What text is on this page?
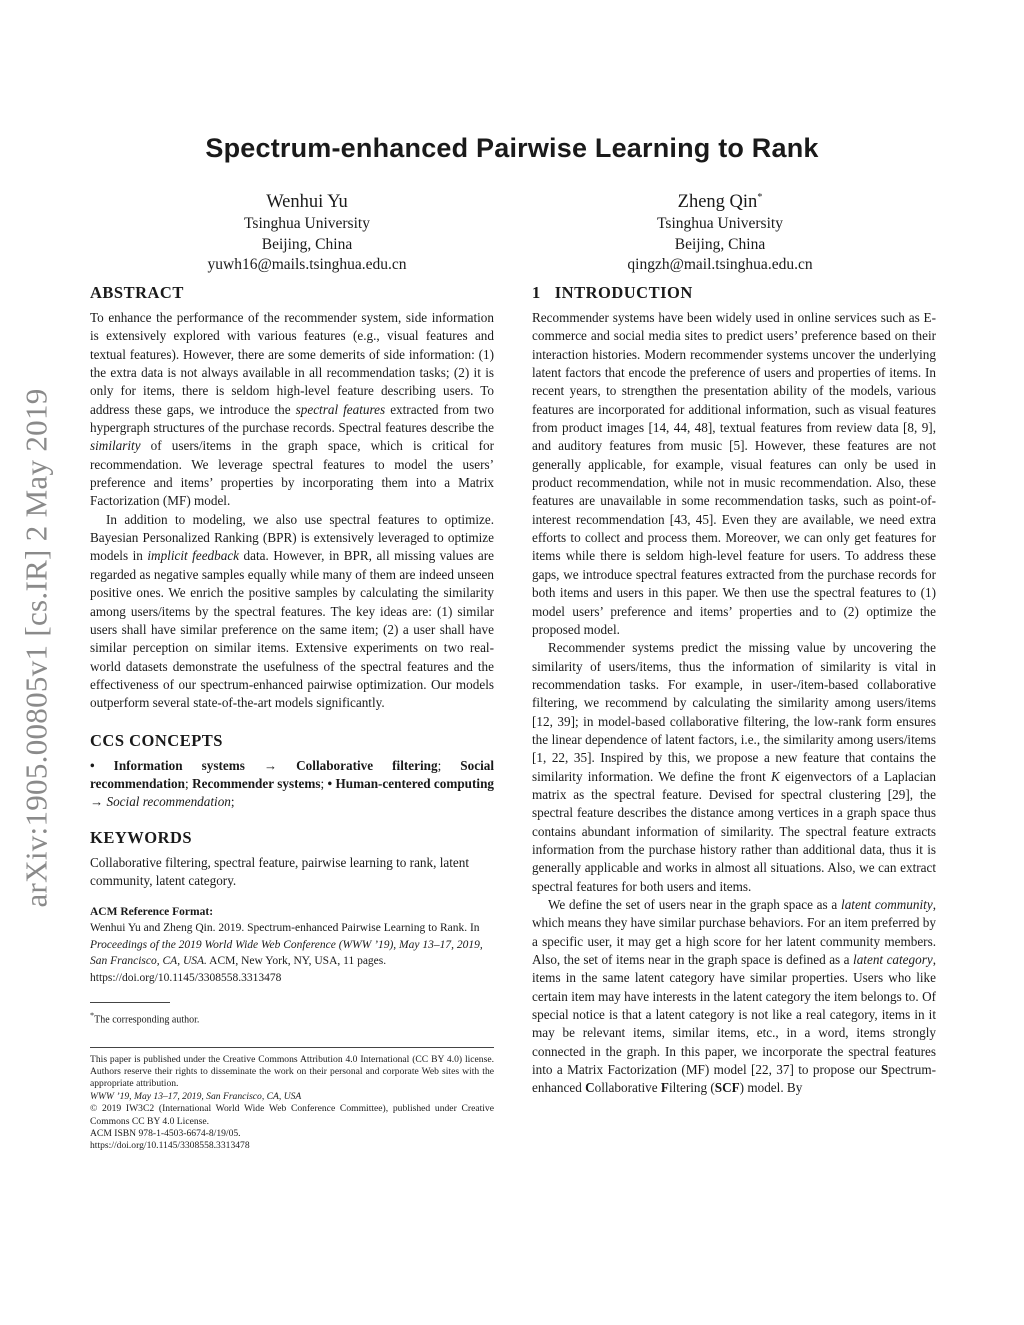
arXiv:1905.00805v1 [cs.IR] 2 May 2019
Spectrum-enhanced Pairwise Learning to Rank
Wenhui Yu
Tsinghua University
Beijing, China
yuwh16@mails.tsinghua.edu.cn
Zheng Qin*
Tsinghua University
Beijing, China
qingzh@mail.tsinghua.edu.cn
ABSTRACT

To enhance the performance of the recommender system, side information is extensively explored with various features (e.g., visual features and textual features). However, there are some demerits of side information: (1) the extra data is not always available in all recommendation tasks; (2) it is only for items, there is seldom high-level feature describing users. To address these gaps, we introduce the spectral features extracted from two hypergraph structures of the purchase records. Spectral features describe the similarity of users/items in the graph space, which is critical for recommendation. We leverage spectral features to model the users’ preference and items’ properties by incorporating them into a Matrix Factorization (MF) model.

In addition to modeling, we also use spectral features to optimize. Bayesian Personalized Ranking (BPR) is extensively leveraged to optimize models in implicit feedback data. However, in BPR, all missing values are regarded as negative samples equally while many of them are indeed unseen positive ones. We enrich the positive samples by calculating the similarity among users/items by the spectral features. The key ideas are: (1) similar users shall have similar preference on the same item; (2) a user shall have similar perception on similar items. Extensive experiments on two real-world datasets demonstrate the usefulness of the spectral features and the effectiveness of our spectrum-enhanced pairwise optimization. Our models outperform several state-of-the-art models significantly.

CCS CONCEPTS
• Information systems → Collaborative filtering; Social recommendation; Recommender systems; • Human-centered computing → Social recommendation;
KEYWORDS

Collaborative filtering, spectral feature, pairwise learning to rank, latent community, latent category.

ACM Reference Format:
Wenhui Yu and Zheng Qin. 2019. Spectrum-enhanced Pairwise Learning to Rank. In Proceedings of the 2019 World Wide Web Conference (WWW ’19), May 13–17, 2019, San Francisco, CA, USA. ACM, New York, NY, USA, 11 pages. https://doi.org/10.1145/3308558.3313478
*The corresponding author.
This paper is published under the Creative Commons Attribution 4.0 International (CC BY 4.0) license. Authors reserve their rights to disseminate the work on their personal and corporate Web sites with the appropriate attribution.
WWW ’19, May 13–17, 2019, San Francisco, CA, USA
© 2019 IW3C2 (International World Wide Web Conference Committee), published under Creative Commons CC BY 4.0 License.
ACM ISBN 978-1-4503-6674-8/19/05.
https://doi.org/10.1145/3308558.3313478
1 INTRODUCTION

Recommender systems have been widely used in online services such as E-commerce and social media sites to predict users’ preference based on their interaction histories. Modern recommender systems uncover the underlying latent factors that encode the preference of users and properties of items. In recent years, to strengthen the presentation ability of the models, various features are incorporated for additional information, such as visual features from product images [14, 44, 48], textual features from review data [8, 9], and auditory features from music [5]. However, these features are not generally applicable, for example, visual features can only be used in product recommendation, while not in music recommendation. Also, these features are unavailable in some recommendation tasks, such as point-of-interest recommendation [43, 45]. Even they are available, we need extra efforts to collect and process them. Moreover, we can only get features for items while there is seldom high-level feature for users. To address these gaps, we introduce spectral features extracted from the purchase records for both items and users in this paper. We then use the spectral features to (1) model users’ preference and items’ properties and to (2) optimize the proposed model.

Recommender systems predict the missing value by uncovering the similarity of users/items, thus the information of similarity is vital in recommendation tasks. For example, in user-/item-based collaborative filtering, we recommend by calculating the similarity among users/items [12, 39]; in model-based collaborative filtering, the low-rank form ensures the linear dependence of latent factors, i.e., the similarity among users/items [1, 22, 35]. Inspired by this, we propose a new feature that contains the similarity information. We define the front K eigenvectors of a Laplacian matrix as the spectral feature. Devised for spectral clustering [29], the spectral feature describes the distance among vertices in a graph space thus contains abundant information of similarity. The spectral feature extracts information from the purchase history rather than additional data, thus it is generally applicable and works in almost all situations. Also, we can extract spectral features for both users and items.

We define the set of users near in the graph space as a latent community, which means they have similar purchase behaviors. For an item preferred by a specific user, it may get a high score for her latent community members. Also, the set of items near in the graph space is defined as a latent category, items in the same latent category have similar properties. Users who like certain item may have interests in the latent category the item belongs to. Of special notice is that a latent category is not like a real category, items in it may be relevant items, similar items, etc., in a word, items strongly connected in the graph. In this paper, we incorporate the spectral features into a Matrix Factorization (MF) model [22, 37] to propose our Spectrum-enhanced Collaborative Filtering (SCF) model. By
